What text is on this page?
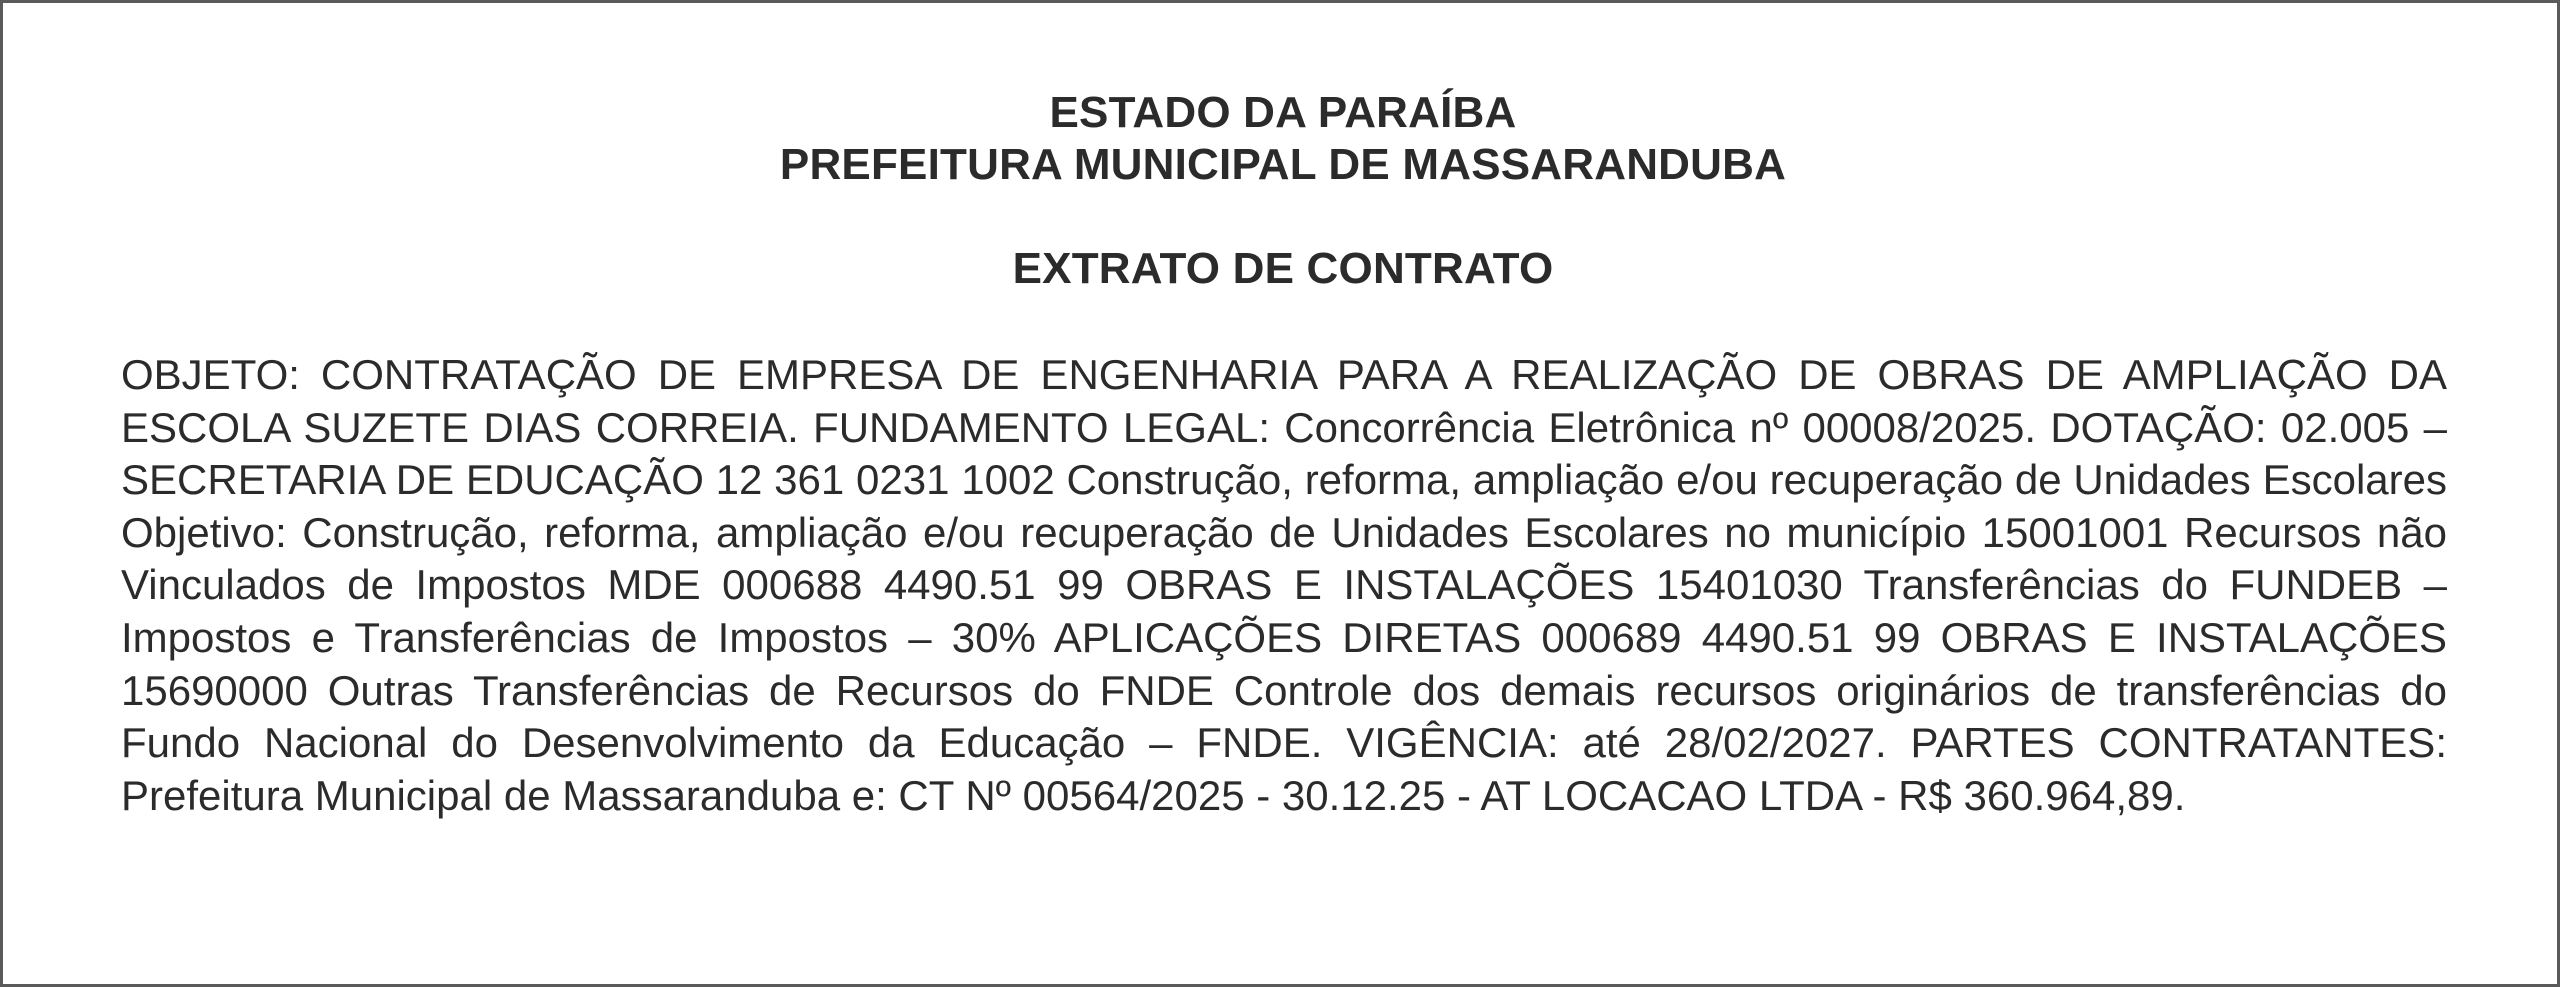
ESTADO DA PARAÍBA
PREFEITURA MUNICIPAL DE MASSARANDUBA
EXTRATO DE CONTRATO
OBJETO: CONTRATAÇÃO DE EMPRESA DE ENGENHARIA PARA A REALIZAÇÃO DE OBRAS DE AMPLIAÇÃO DA ESCOLA SUZETE DIAS CORREIA. FUNDAMENTO LEGAL: Concorrência Eletrônica nº 00008/2025. DOTAÇÃO: 02.005 – SECRETARIA DE EDUCAÇÃO 12 361 0231 1002 Construção, reforma, ampliação e/ou recuperação de Unidades Escolares Objetivo: Construção, reforma, ampliação e/ou recuperação de Unidades Escolares no município 15001001 Recursos não Vinculados de Impostos MDE 000688 4490.51 99 OBRAS E INSTALAÇÕES 15401030 Transferências do FUNDEB – Impostos e Transferências de Impostos – 30% APLICAÇÕES DIRETAS 000689 4490.51 99 OBRAS E INSTALAÇÕES 15690000 Outras Transferências de Recursos do FNDE Controle dos demais recursos originários de transferências do Fundo Nacional do Desenvolvimento da Educação – FNDE. VIGÊNCIA: até 28/02/2027. PARTES CONTRATANTES: Prefeitura Municipal de Massaranduba e: CT Nº 00564/2025 - 30.12.25 - AT LOCACAO LTDA - R$ 360.964,89.
